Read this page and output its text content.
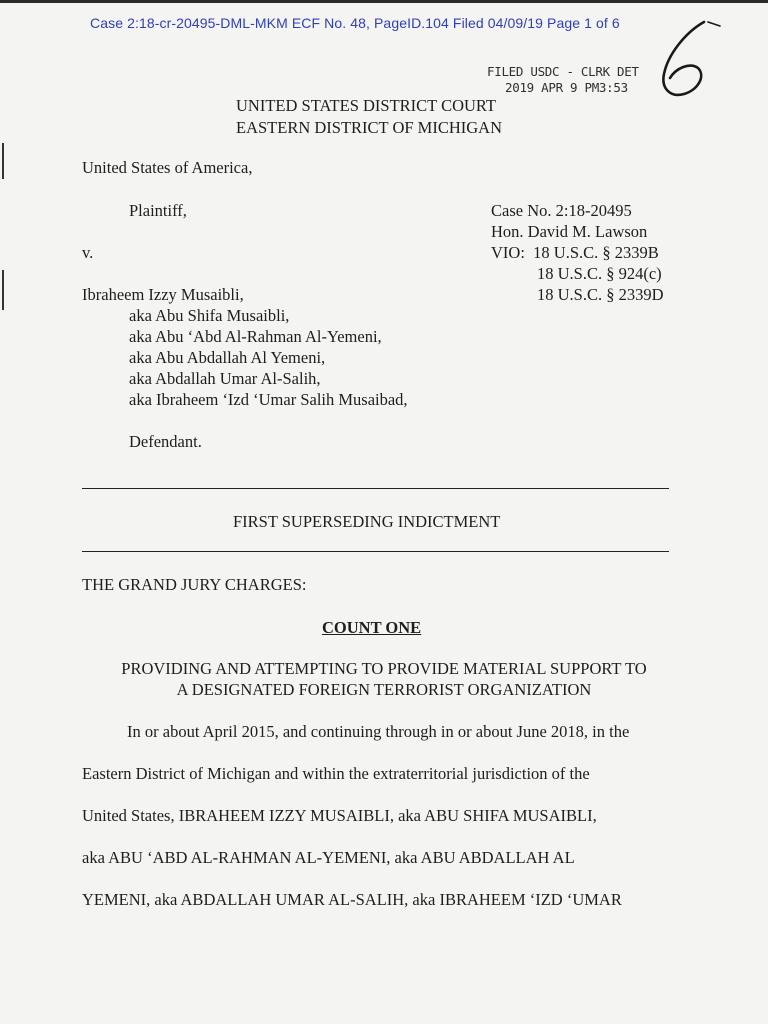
Case 2:18-cr-20495-DML-MKM ECF No. 48, PageID.104 Filed 04/09/19 Page 1 of 6
FILED USDC - CLRK DET
2019 APR 9 PM3:53
UNITED STATES DISTRICT COURT
EASTERN DISTRICT OF MICHIGAN
United States of America,
Plaintiff,
v.
Ibraheem Izzy Musaibli,
aka Abu Shifa Musaibli,
aka Abu ‘Abd Al-Rahman Al-Yemeni,
aka Abu Abdallah Al Yemeni,
aka Abdallah Umar Al-Salih,
aka Ibraheem ‘Izd ‘Umar Salih Musaibad,
Defendant.
Case No. 2:18-20495
Hon. David M. Lawson
VIO:  18 U.S.C. § 2339B
18 U.S.C. § 924(c)
18 U.S.C. § 2339D
FIRST SUPERSEDING INDICTMENT
THE GRAND JURY CHARGES:
COUNT ONE
PROVIDING AND ATTEMPTING TO PROVIDE MATERIAL SUPPORT TO
A DESIGNATED FOREIGN TERRORIST ORGANIZATION
In or about April 2015, and continuing through in or about June 2018, in the
Eastern District of Michigan and within the extraterritorial jurisdiction of the
United States, IBRAHEEM IZZY MUSAIBLI, aka ABU SHIFA MUSAIBLI,
aka ABU ‘ABD AL-RAHMAN AL-YEMENI, aka ABU ABDALLAH AL
YEMENI, aka ABDALLAH UMAR AL-SALIH, aka IBRAHEEM ‘IZD ‘UMAR
